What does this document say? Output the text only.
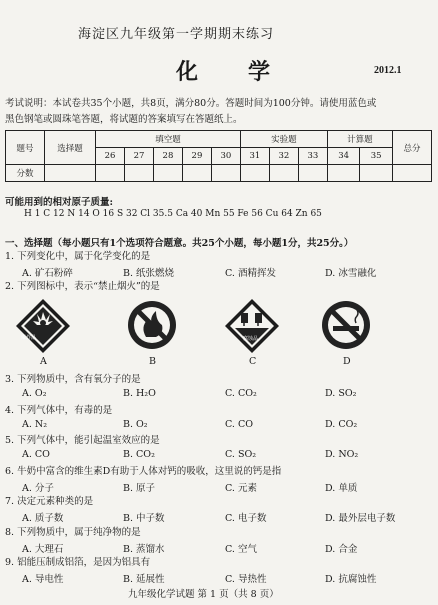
海淀区九年级第一学期期末练习
化　学	2012.1
考试说明：本试卷共35个小题，共8页，满分80分。答题时间为100分钟。请使用蓝色或
黑色钢笔或圆珠笔答题，将试题的答案填写在答题纸上。
题号	选择题	填空题					实验题			计算题		总分
		26	27	28	29	30	31	32	33	34	35	
分数												
可能用到的相对原子质量:
H 1 C 12 N 14 O 16 S 32 Cl 35.5 Ca 40 Mn 55 Fe 56 Cu 64 Zn 65
一、选择题（每小题只有1个选项符合题意。共25个小题，每小题1分，共25分。）
1. 下列变化中，属于化学变化的是
A. 矿石粉碎	B. 纸张燃烧	C. 酒精挥发	D. 冰雪融化
2. 下列图标中，表示“禁止烟火”的是
爆炸品	腐蚀品
A	B	C	D
3. 下列物质中，含有氧分子的是
A. O₂	B. H₂O	C. CO₂	D. SO₂
4. 下列气体中，有毒的是
A. N₂	B. O₂	C. CO	D. CO₂
5. 下列气体中，能引起温室效应的是
A. CO	B. CO₂	C. SO₂	D. NO₂
6. 牛奶中富含的维生素D有助于人体对钙的吸收，这里说的钙是指
A. 分子	B. 原子	C. 元素	D. 单质
7. 决定元素种类的是
A. 质子数	B. 中子数	C. 电子数	D. 最外层电子数
8. 下列物质中，属于纯净物的是
A. 大理石	B. 蒸馏水	C. 空气	D. 合金
9. 铝能压制成铝箔，是因为铝具有
A. 导电性	B. 延展性	C. 导热性	D. 抗腐蚀性
九年级化学试题 第 1 页（共 8 页）
